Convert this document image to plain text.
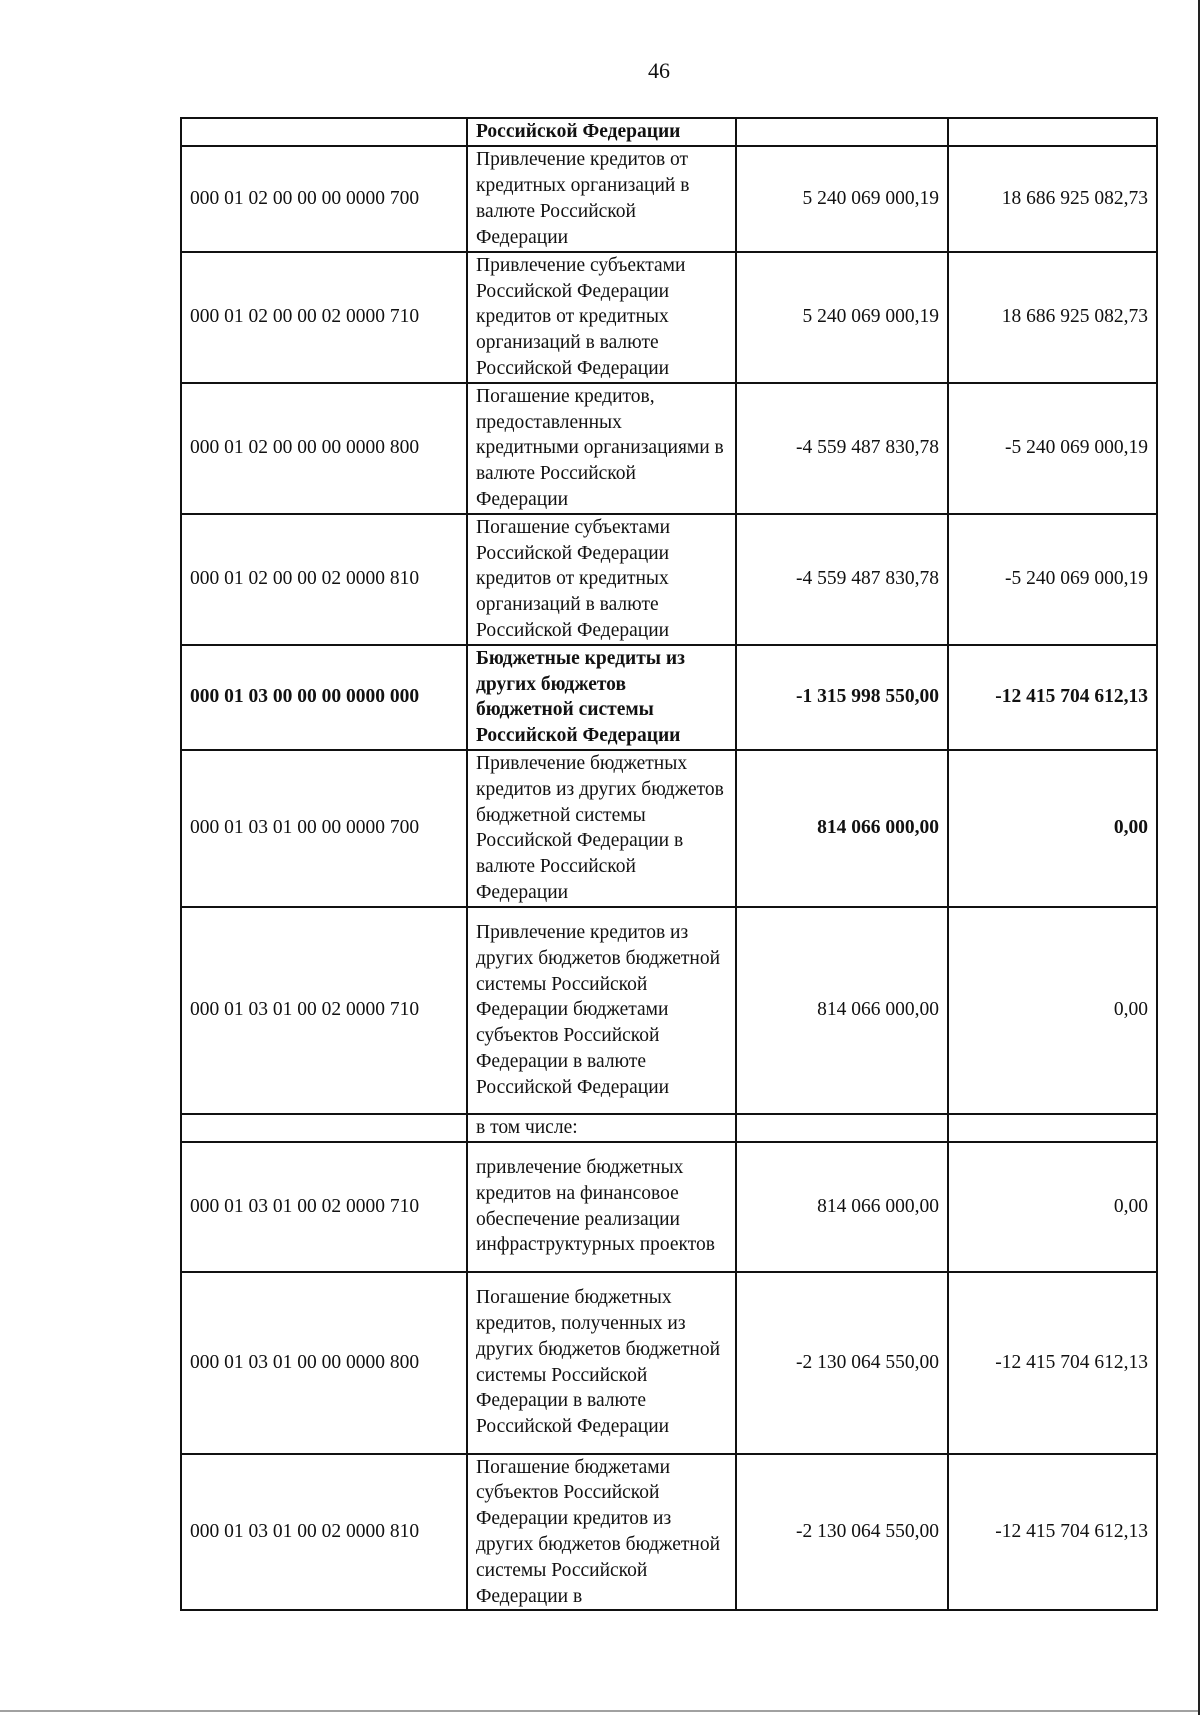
46
	Российской Федерации		
000 01 02 00 00 00 0000 700	Привлечение кредитов от кредитных организаций в валюте Российской Федерации	5 240 069 000,19	18 686 925 082,73
000 01 02 00 00 02 0000 710	Привлечение субъектами Российской Федерации кредитов от кредитных организаций в валюте Российской Федерации	5 240 069 000,19	18 686 925 082,73
000 01 02 00 00 00 0000 800	Погашение кредитов, предоставленных кредитными организациями в валюте Российской Федерации	-4 559 487 830,78	-5 240 069 000,19
000 01 02 00 00 02 0000 810	Погашение субъектами Российской Федерации кредитов от кредитных организаций в валюте Российской Федерации	-4 559 487 830,78	-5 240 069 000,19
000 01 03 00 00 00 0000 000	Бюджетные кредиты из других бюджетов бюджетной системы Российской Федерации	-1 315 998 550,00	-12 415 704 612,13
000 01 03 01 00 00 0000 700	Привлечение бюджетных кредитов из других бюджетов бюджетной системы Российской Федерации в валюте Российской Федерации	814 066 000,00	0,00
000 01 03 01 00 02 0000 710	Привлечение кредитов из других бюджетов бюджетной системы Российской Федерации бюджетами субъектов Российской Федерации в валюте Российской Федерации	814 066 000,00	0,00
	в том числе:		
000 01 03 01 00 02 0000 710	привлечение бюджетных кредитов на финансовое обеспечение реализации инфраструктурных проектов	814 066 000,00	0,00
000 01 03 01 00 00 0000 800	Погашение бюджетных кредитов, полученных из других бюджетов бюджетной системы Российской Федерации в валюте Российской Федерации	-2 130 064 550,00	-12 415 704 612,13
000 01 03 01 00 02 0000 810	Погашение бюджетами субъектов Российской Федерации кредитов из других бюджетов бюджетной системы Российской Федерации в	-2 130 064 550,00	-12 415 704 612,13
